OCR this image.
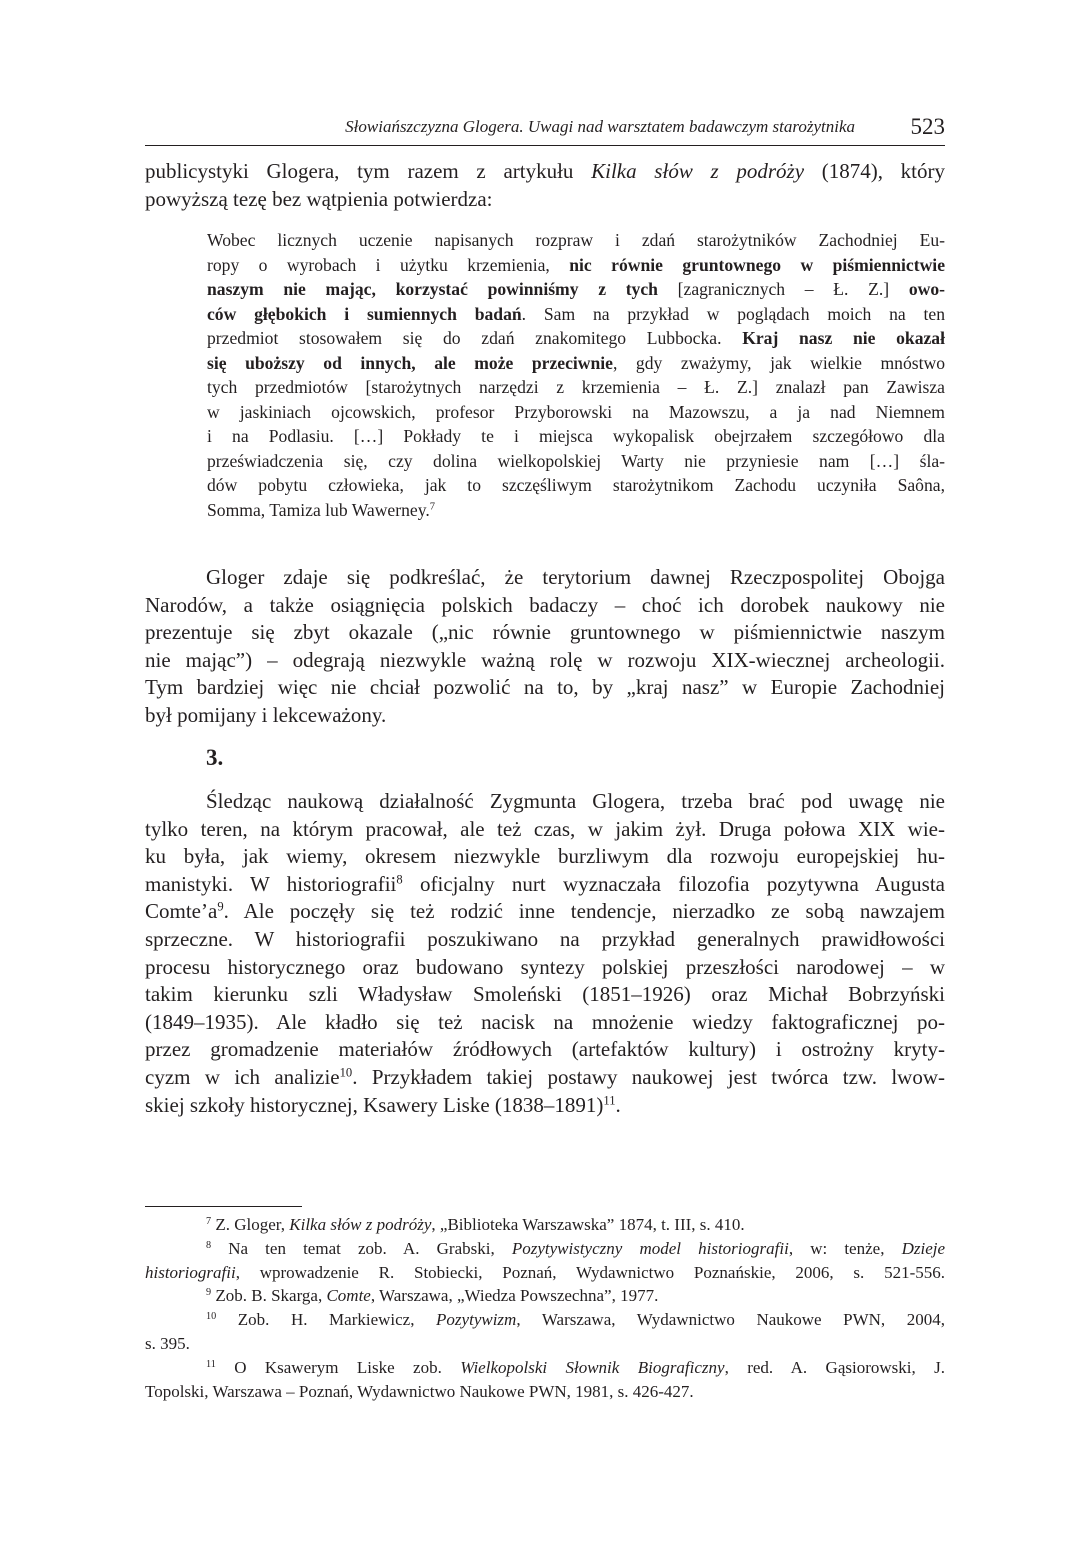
Słowiańszczyzna Glogera. Uwagi nad warsztatem badawczym starożytnika 523
publicystyki Glogera, tym razem z artykułu Kilka słów z podróży (1874), który
powyższą tezę bez wątpienia potwierdza:
Wobec licznych uczenie napisanych rozpraw i zdań starożytników Zachodniej Eu-
ropy o wyrobach i użytku krzemienia, nic równie gruntownego w piśmiennictwie
naszym nie mając, korzystać powinniśmy z tych [zagranicznych – Ł. Z.] owo-
ców głębokich i sumiennych badań. Sam na przykład w poglądach moich na ten
przedmiot stosowałem się do zdań znakomitego Lubbocka. Kraj nasz nie okazał
się uboższy od innych, ale może przeciwnie, gdy zważymy, jak wielkie mnóstwo
tych przedmiotów [starożytnych narzędzi z krzemienia – Ł. Z.] znalazł pan Zawisza
w jaskiniach ojcowskich, profesor Przyborowski na Mazowszu, a ja nad Niemnem
i na Podlasiu. […] Pokłady te i miejsca wykopalisk obejrzałem szczegółowo dla
przeświadczenia się, czy dolina wielkopolskiej Warty nie przyniesie nam […] śla-
dów pobytu człowieka, jak to szczęśliwym starożytnikom Zachodu uczyniła Saôna,
Somma, Tamiza lub Wawerney.$^7$
Gloger zdaje się podkreślać, że terytorium dawnej Rzeczpospolitej Obojga
Narodów, a także osiągnięcia polskich badaczy – choć ich dorobek naukowy nie
prezentuje się zbyt okazale („nic równie gruntownego w piśmiennictwie naszym
nie mając”) – odegrają niezwykle ważną rolę w rozwoju XIX-wiecznej archeologii.
Tym bardziej więc nie chciał pozwolić na to, by „kraj nasz” w Europie Zachodniej
był pomijany i lekceważony.
3.
Śledząc naukową działalność Zygmunta Glogera, trzeba brać pod uwagę nie
tylko teren, na którym pracował, ale też czas, w jakim żył. Druga połowa XIX wie-
ku była, jak wiemy, okresem niezwykle burzliwym dla rozwoju europejskiej hu-
manistyki. W historiografii$^8$ oficjalny nurt wyznaczała filozofia pozytywna Augusta
$Comte’a^9$. Ale poczęły się też rodzić inne tendencje, nierzadko ze sobą nawzajem
sprzeczne. W historiografii poszukiwano na przykład generalnych prawidłowości
procesu historycznego oraz budowano syntezy polskiej przeszłości narodowej – w
takim kierunku szli Władysław Smoleński (1851–1926) oraz Michał Bobrzyński
(1849–1935). Ale kładło się też nacisk na mnożenie wiedzy faktograficznej po-
przez gromadzenie materiałów źródłowych (artefaktów kultury) i ostrożny kryty-
cyzm w ich analizie$^{10}$. Przykładem takiej postawy naukowej jest twórca tzw. lwow-
skiej szkoły historycznej, Ksawery Liske (1838–1891)$^{11}$.
$^7$ Z. Gloger, Kilka słów z podróży, „Biblioteka Warszawska” 1874, t. III, s. 410.
$^8$ Na ten temat zob. A. Grabski, Pozytywistyczny model historiografii, w: tenże, Dzieje
historiografii, wprowadzenie R. Stobiecki, Poznań, Wydawnictwo Poznańskie, 2006, s. 521-556.
$^9$ Zob. B. Skarga, Comte, Warszawa, „Wiedza Powszechna”, 1977.
$^{10}$ Zob. H. Markiewicz, Pozytywizm, Warszawa, Wydawnictwo Naukowe PWN, 2004,
s. 395.
$^{11}$ O Ksawerym Liske zob. Wielkopolski Słownik Biograficzny, red. A. Gąsiorowski, J.
Topolski, Warszawa – Poznań, Wydawnictwo Naukowe PWN, 1981, s. 426-427.
